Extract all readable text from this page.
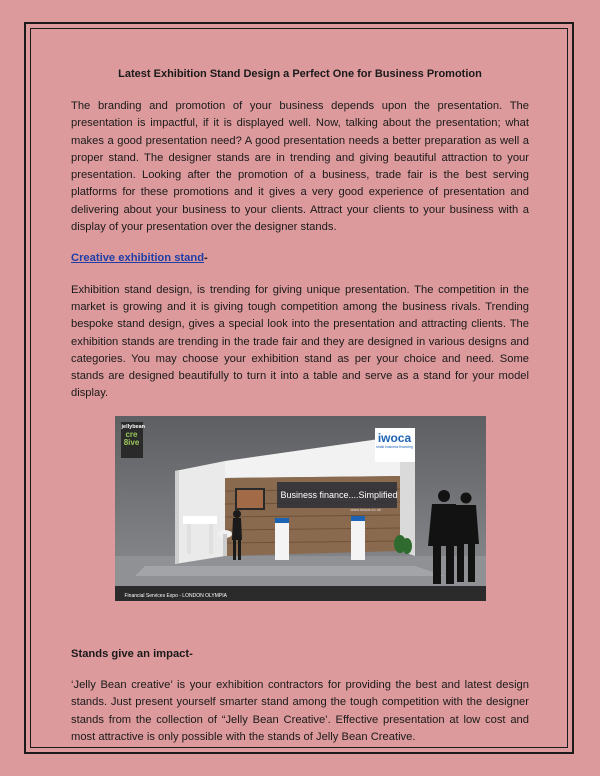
Latest Exhibition Stand Design a Perfect One for Business Promotion

The branding and promotion of your business depends upon the presentation. The presentation is impactful, if it is displayed well. Now, talking about the presentation; what makes a good presentation need? A good presentation needs a better preparation as well a proper stand. The designer stands are in trending and giving beautiful attraction to your presentation. Looking after the promotion of a business, trade fair is the best serving platforms for these promotions and it gives a very good experience of presentation and delivering about your business to your clients. Attract your clients to your business with a display of your presentation over the designer stands.

Creative exhibition stand-

Exhibition stand design, is trending for giving unique presentation. The competition in the market is growing and it is giving tough competition among the business rivals. Trending bespoke stand design, gives a special look into the presentation and attracting clients. The exhibition stands are trending in the trade fair and they are designed in various designs and categories. You may choose your exhibition stand as per your choice and need. Some stands are designed beautifully to turn it into a table and serve as a stand for your model display.

jellybean
cre
8ive	iwoca
small business financing
Business finance....Simplified
www.iwoca.co.uk
Financial Services Expo - LONDON OLYMPIA
Stands give an impact-

‘Jelly Bean creative’ is your exhibition contractors for providing the best and latest design stands. Just present yourself smarter stand among the tough competition with the designer stands from the collection of “Jelly Bean Creative’. Effective presentation at low cost and most attractive is only possible with the stands of Jelly Bean Creative.
